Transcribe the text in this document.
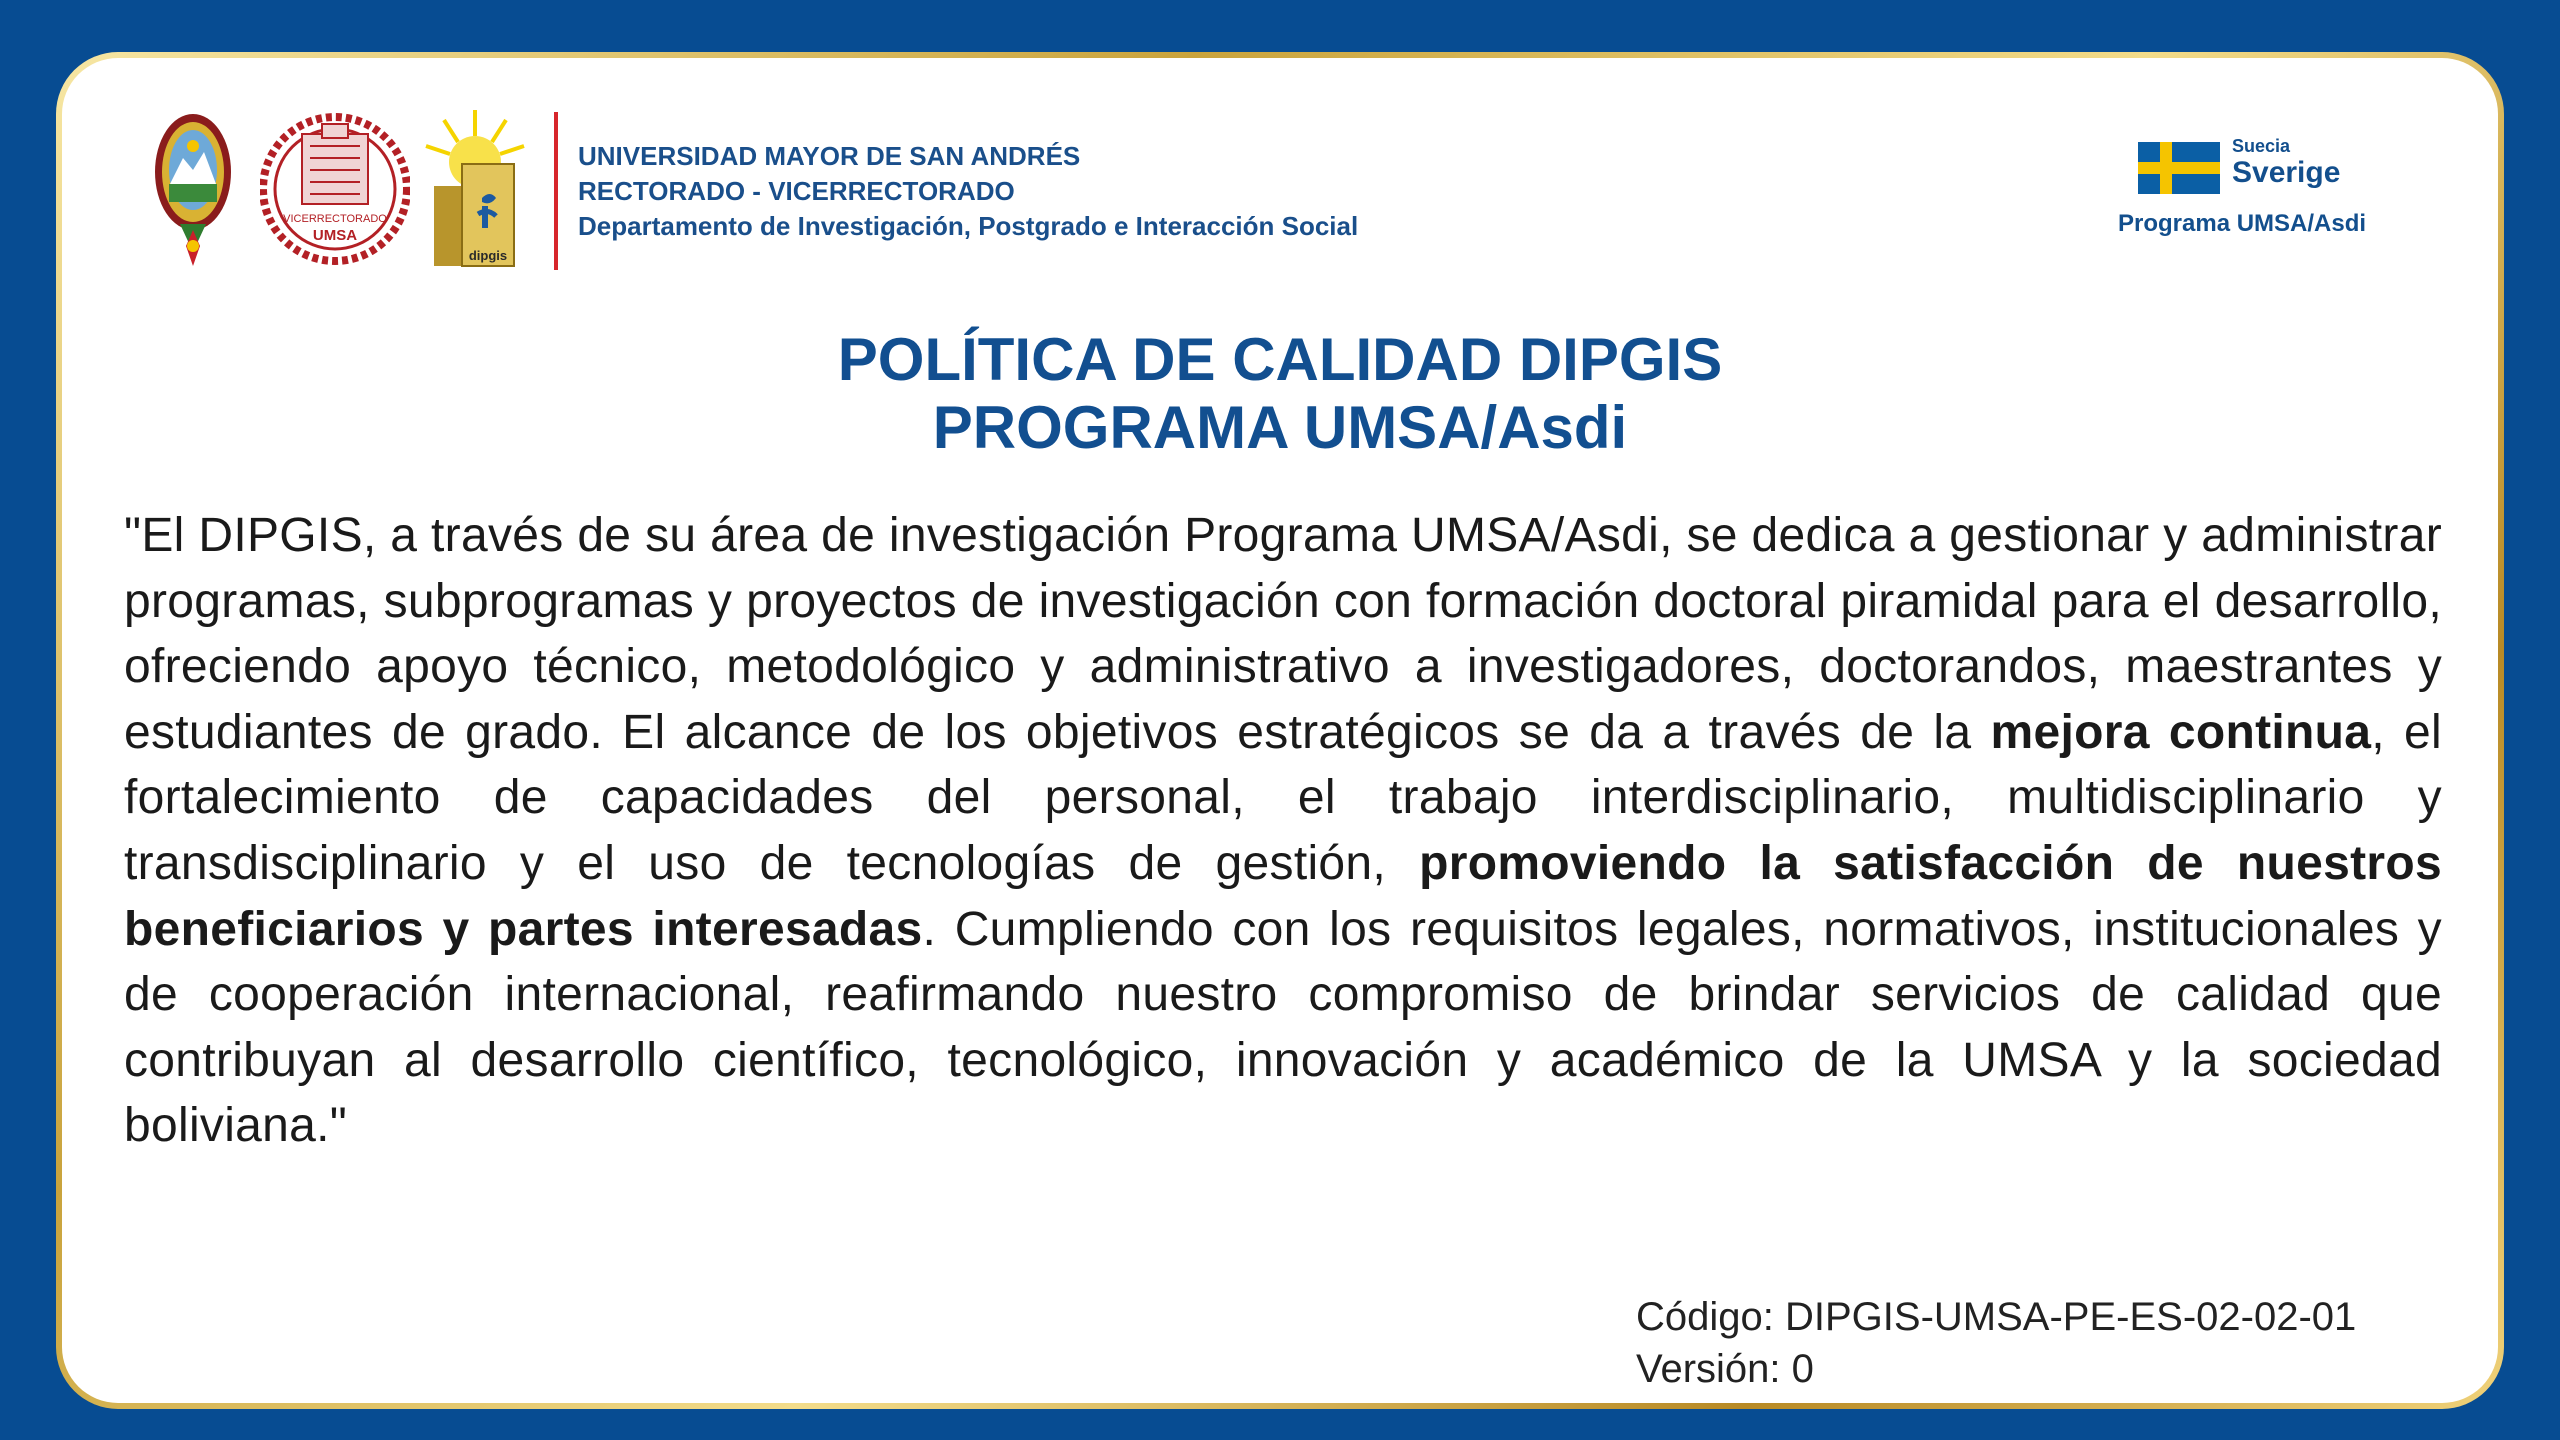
VICERRECTORADO
UMSA
dipgis
UNIVERSIDAD MAYOR DE SAN ANDRÉS
RECTORADO - VICERRECTORADO
Departamento de Investigación, Postgrado e Interacción Social
Suecia
Sverige
Programa UMSA/Asdi
POLÍTICA DE CALIDAD DIPGIS
PROGRAMA UMSA/Asdi
"El DIPGIS, a través de su área de investigación Programa UMSA/Asdi, se dedica a gestionar y administrar programas, subprogramas y proyectos de investigación con formación doctoral piramidal para el desarrollo, ofreciendo apoyo técnico, metodológico y administrativo a investigadores, doctorandos, maestrantes y estudiantes de grado. El alcance de los objetivos estratégicos se da a través de la mejora continua, el fortalecimiento de capacidades del personal, el trabajo interdisciplinario, multidisciplinario y transdisciplinario y el uso de tecnologías de gestión, promoviendo la satisfacción de nuestros beneficiarios y partes interesadas. Cumpliendo con los requisitos legales, normativos, institucionales y de cooperación internacional, reafirmando nuestro compromiso de brindar servicios de calidad que contribuyan al desarrollo científico, tecnológico, innovación y académico de la UMSA y la sociedad boliviana."
Código: DIPGIS-UMSA-PE-ES-02-02-01
Versión: 0
